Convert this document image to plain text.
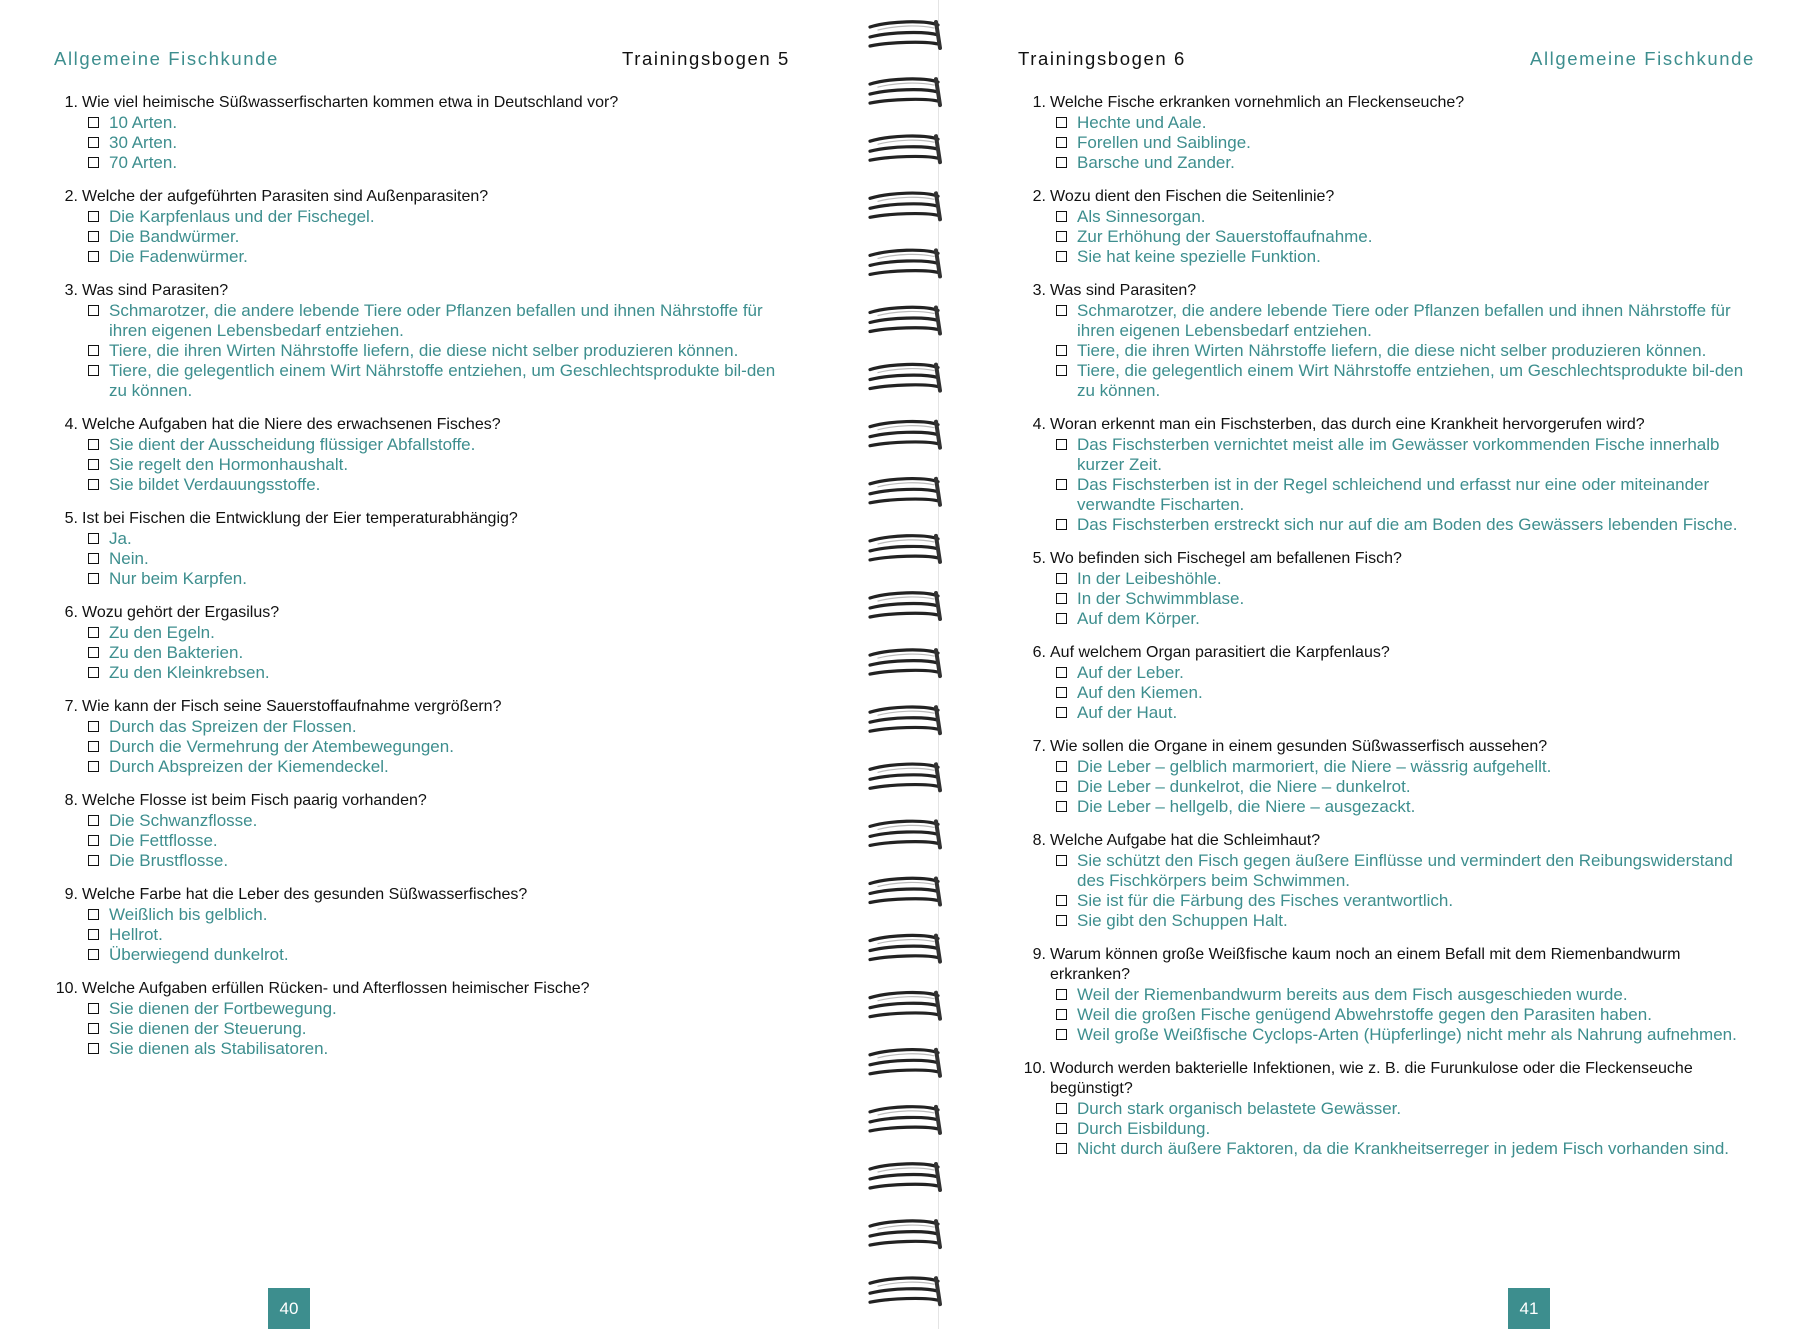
Allgemeine Fischkunde	Trainingsbogen 5
1. Wie viel heimische Süßwasserfischarten kommen etwa in Deutschland vor?
10 Arten.
30 Arten.
70 Arten.
2. Welche der aufgeführten Parasiten sind Außenparasiten?
Die Karpfenlaus und der Fischegel.
Die Bandwürmer.
Die Fadenwürmer.
3. Was sind Parasiten?
Schmarotzer, die andere lebende Tiere oder Pflanzen befallen und ihnen Nährstoffe für ihren eigenen Lebensbedarf entziehen.
Tiere, die ihren Wirten Nährstoffe liefern, die diese nicht selber produzieren können.
Tiere, die gelegentlich einem Wirt Nährstoffe entziehen, um Geschlechtsprodukte bil-den zu können.
4. Welche Aufgaben hat die Niere des erwachsenen Fisches?
Sie dient der Ausscheidung flüssiger Abfallstoffe.
Sie regelt den Hormonhaushalt.
Sie bildet Verdauungsstoffe.
5. Ist bei Fischen die Entwicklung der Eier temperaturabhängig?
Ja.
Nein.
Nur beim Karpfen.
6. Wozu gehört der Ergasilus?
Zu den Egeln.
Zu den Bakterien.
Zu den Kleinkrebsen.
7. Wie kann der Fisch seine Sauerstoffaufnahme vergrößern?
Durch das Spreizen der Flossen.
Durch die Vermehrung der Atembewegungen.
Durch Abspreizen der Kiemendeckel.
8. Welche Flosse ist beim Fisch paarig vorhanden?
Die Schwanzflosse.
Die Fettflosse.
Die Brustflosse.
9. Welche Farbe hat die Leber des gesunden Süßwasserfisches?
Weißlich bis gelblich.
Hellrot.
Überwiegend dunkelrot.
10. Welche Aufgaben erfüllen Rücken- und Afterflossen heimischer Fische?
Sie dienen der Fortbewegung.
Sie dienen der Steuerung.
Sie dienen als Stabilisatoren.
40
Trainingsbogen 6	Allgemeine Fischkunde
1. Welche Fische erkranken vornehmlich an Fleckenseuche?
Hechte und Aale.
Forellen und Saiblinge.
Barsche und Zander.
2. Wozu dient den Fischen die Seitenlinie?
Als Sinnesorgan.
Zur Erhöhung der Sauerstoffaufnahme.
Sie hat keine spezielle Funktion.
3. Was sind Parasiten?
Schmarotzer, die andere lebende Tiere oder Pflanzen befallen und ihnen Nährstoffe für ihren eigenen Lebensbedarf entziehen.
Tiere, die ihren Wirten Nährstoffe liefern, die diese nicht selber produzieren können.
Tiere, die gelegentlich einem Wirt Nährstoffe entziehen, um Geschlechtsprodukte bil-den zu können.
4. Woran erkennt man ein Fischsterben, das durch eine Krankheit hervorgerufen wird?
Das Fischsterben vernichtet meist alle im Gewässer vorkommenden Fische innerhalb kurzer Zeit.
Das Fischsterben ist in der Regel schleichend und erfasst nur eine oder miteinander verwandte Fischarten.
Das Fischsterben erstreckt sich nur auf die am Boden des Gewässers lebenden Fische.
5. Wo befinden sich Fischegel am befallenen Fisch?
In der Leibeshöhle.
In der Schwimmblase.
Auf dem Körper.
6. Auf welchem Organ parasitiert die Karpfenlaus?
Auf der Leber.
Auf den Kiemen.
Auf der Haut.
7. Wie sollen die Organe in einem gesunden Süßwasserfisch aussehen?
Die Leber – gelblich marmoriert, die Niere – wässrig aufgehellt.
Die Leber – dunkelrot, die Niere – dunkelrot.
Die Leber – hellgelb, die Niere – ausgezackt.
8. Welche Aufgabe hat die Schleimhaut?
Sie schützt den Fisch gegen äußere Einflüsse und vermindert den Reibungswiderstand des Fischkörpers beim Schwimmen.
Sie ist für die Färbung des Fisches verantwortlich.
Sie gibt den Schuppen Halt.
9. Warum können große Weißfische kaum noch an einem Befall mit dem Riemenbandwurm erkranken?
Weil der Riemenbandwurm bereits aus dem Fisch ausgeschieden wurde.
Weil die großen Fische genügend Abwehrstoffe gegen den Parasiten haben.
Weil große Weißfische Cyclops-Arten (Hüpferlinge) nicht mehr als Nahrung aufnehmen.
10. Wodurch werden bakterielle Infektionen, wie z. B. die Furunkulose oder die Fleckenseuche begünstigt?
Durch stark organisch belastete Gewässer.
Durch Eisbildung.
Nicht durch äußere Faktoren, da die Krankheitserreger in jedem Fisch vorhanden sind.
41
